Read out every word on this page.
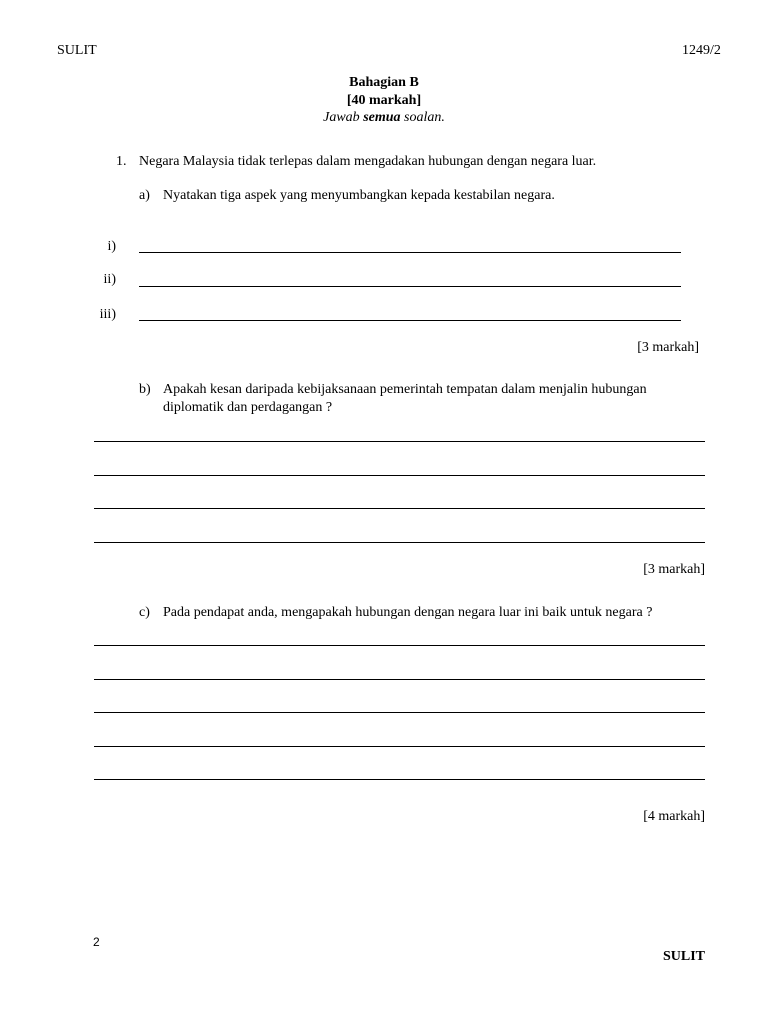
SULIT	1249/2
Bahagian B
[40 markah]
Jawab semua soalan.
1. Negara Malaysia tidak terlepas dalam mengadakan hubungan dengan negara luar.
a) Nyatakan tiga aspek yang menyumbangkan kepada kestabilan negara.
i)
ii)
iii)
[3 markah]
b) Apakah kesan daripada kebijaksanaan pemerintah tempatan dalam menjalin hubungan
diplomatik dan perdagangan ?
[3 markah]
c) Pada pendapat anda, mengapakah hubungan dengan negara luar ini baik untuk negara ?
[4 markah]
2
SULIT
